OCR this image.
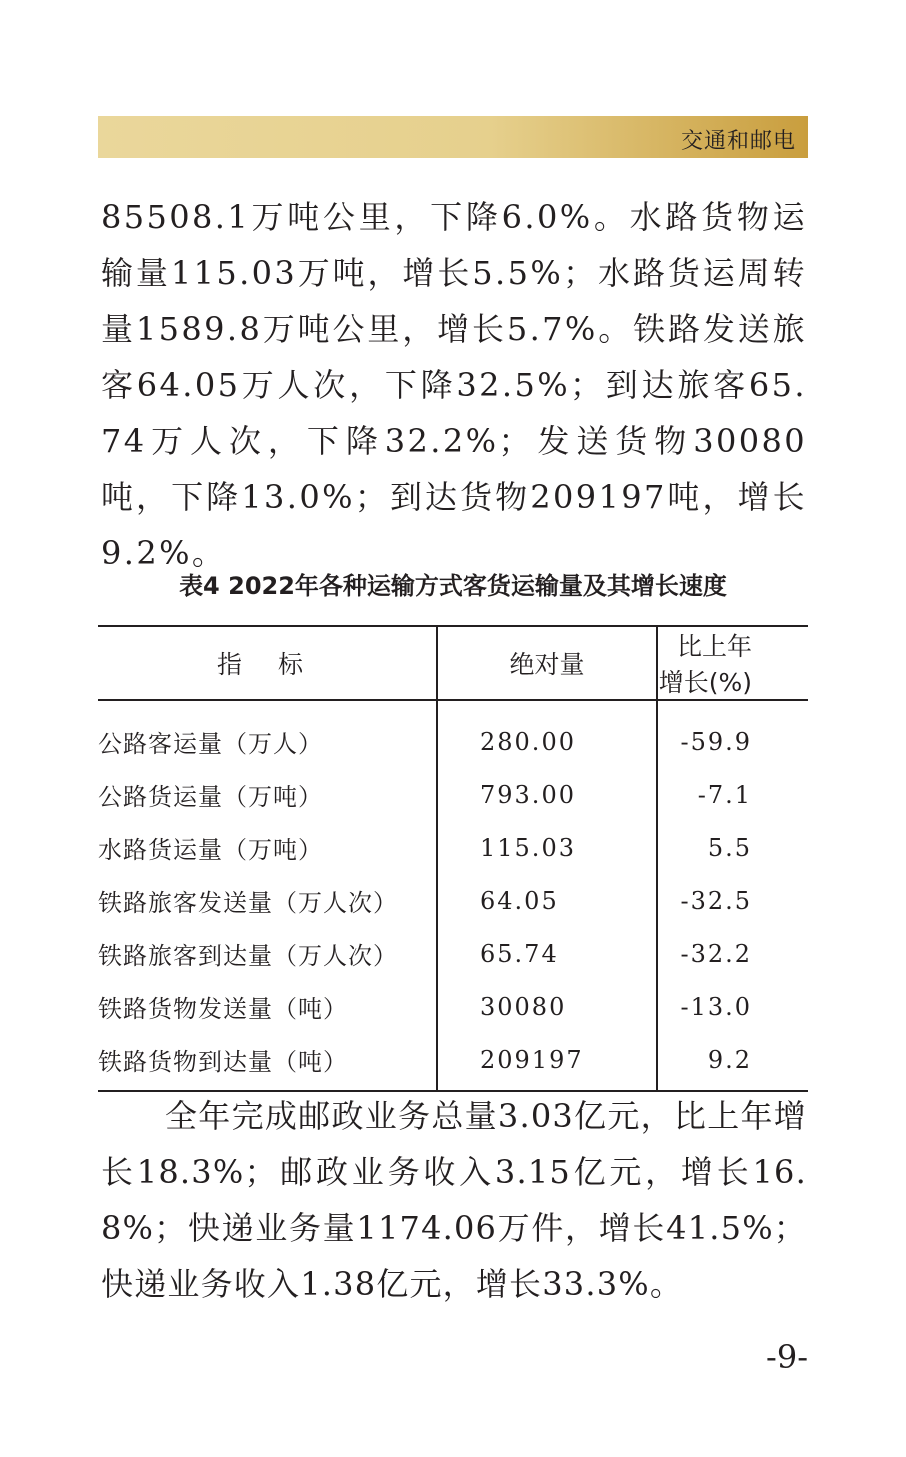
交通和邮电

85508.1万吨公里，下降6.0%。水路货物运输量115.03万吨，增长5.5%；水路货运周转量1589.8万吨公里，增长5.7%。铁路发送旅客64.05万人次，下降32.5%；到达旅客65.74万人次，下降32.2%；发送货物30080吨，下降13.0%；到达货物209197吨，增长9.2%。

表4 2022年各种运输方式客货运输量及其增长速度
指 标	绝对量	比上年增长(%)
公路客运量（万人）	280.00	-59.9
公路货运量（万吨）	793.00	-7.1
水路货运量（万吨）	115.03	5.5
铁路旅客发送量（万人次）	64.05	-32.5
铁路旅客到达量（万人次）	65.74	-32.2
铁路货物发送量（吨）	30080	-13.0
铁路货物到达量（吨）	209197	9.2

全年完成邮政业务总量3.03亿元，比上年增长18.3%；邮政业务收入3.15亿元，增长16.8%；快递业务量1174.06万件，增长41.5%；快递业务收入1.38亿元，增长33.3%。

-9-
